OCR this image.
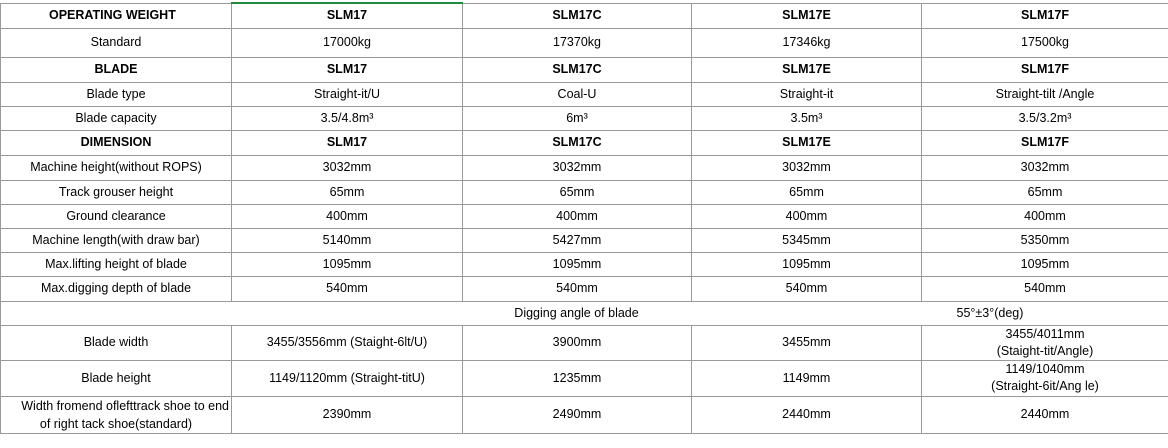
OPERATING WEIGHT	SLM17	SLM17C	SLM17E	SLM17F
Standard	17000kg	17370kg	17346kg	17500kg
BLADE	SLM17	SLM17C	SLM17E	SLM17F
Blade type	Straight-it/U	Coal-U	Straight-it	Straight-tilt /Angle
Blade capacity	3.5/4.8m³	6m³	3.5m³	3.5/3.2m³
DIMENSION	SLM17	SLM17C	SLM17E	SLM17F
Machine height(without ROPS)	3032mm	3032mm	3032mm	3032mm
Track grouser height	65mm	65mm	65mm	65mm
Ground clearance	400mm	400mm	400mm	400mm
Machine length(with draw bar)	5140mm	5427mm	5345mm	5350mm
Max.lifting height of blade	1095mm	1095mm	1095mm	1095mm
Max.digging depth of blade	540mm	540mm	540mm	540mm
	Digging angle of blade			55°±3°(deg)
Blade width	3455/3556mm (Staight-6lt/U)	3900mm	3455mm	3455/4011mm
(Staight-tit/Angle)

Blade height	1149/1120mm (Straight-titU)	1235mm	1149mm	1149/1040mm
(Straight-6it/Ang le)

Width fromend oflefttrack shoe to end
of right tack shoe(standard)	2390mm	2490mm	2440mm	2440mm
